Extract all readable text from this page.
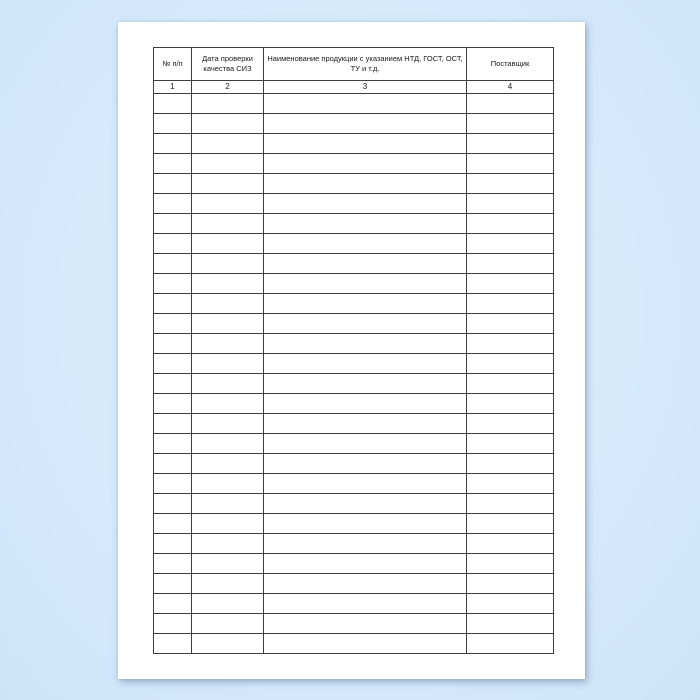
№ п/п	Дата проверки качества СИЗ	Наименование продукции с указанием НТД, ГОСТ, ОСТ, ТУ и т.д.	Поставщик
1	2	3	4
